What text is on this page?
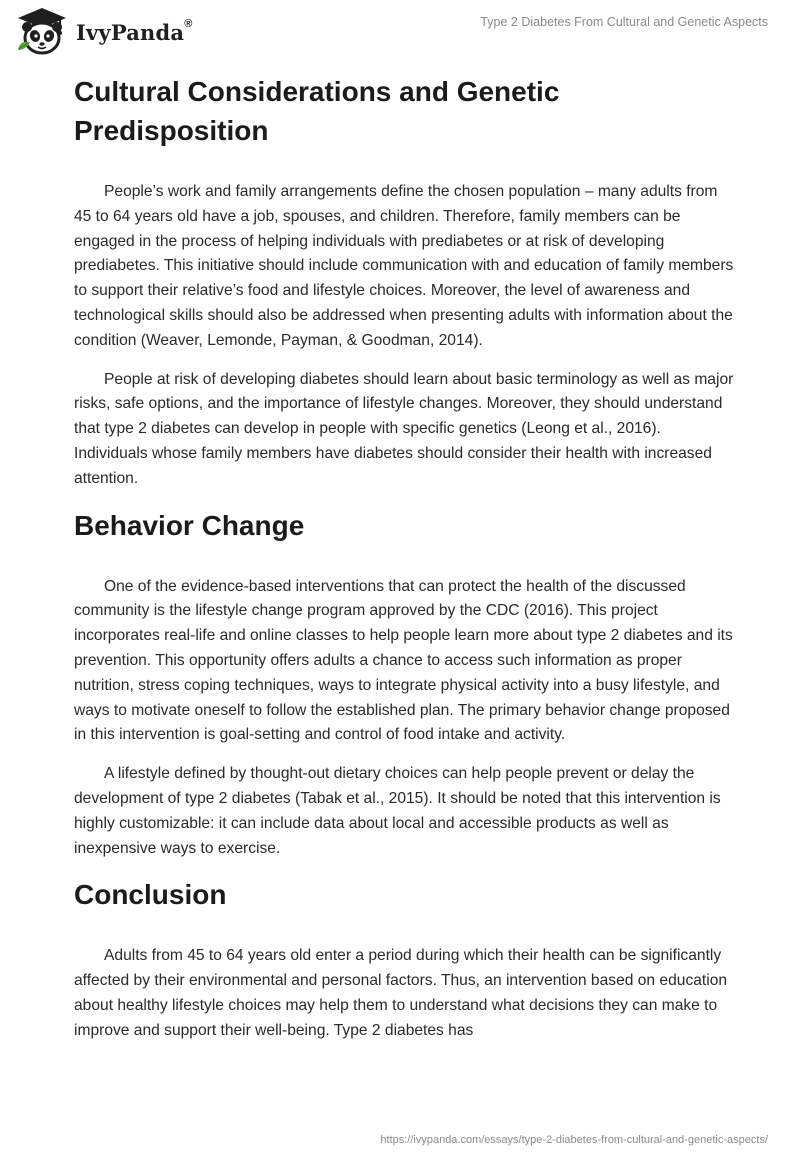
IvyPanda®	Type 2 Diabetes From Cultural and Genetic Aspects
Cultural Considerations and Genetic Predisposition

People’s work and family arrangements define the chosen population – many adults from 45 to 64 years old have a job, spouses, and children. Therefore, family members can be engaged in the process of helping individuals with prediabetes or at risk of developing prediabetes. This initiative should include communication with and education of family members to support their relative’s food and lifestyle choices. Moreover, the level of awareness and technological skills should also be addressed when presenting adults with information about the condition (Weaver, Lemonde, Payman, & Goodman, 2014).

People at risk of developing diabetes should learn about basic terminology as well as major risks, safe options, and the importance of lifestyle changes. Moreover, they should understand that type 2 diabetes can develop in people with specific genetics (Leong et al., 2016). Individuals whose family members have diabetes should consider their health with increased attention.

Behavior Change

One of the evidence-based interventions that can protect the health of the discussed community is the lifestyle change program approved by the CDC (2016). This project incorporates real-life and online classes to help people learn more about type 2 diabetes and its prevention. This opportunity offers adults a chance to access such information as proper nutrition, stress coping techniques, ways to integrate physical activity into a busy lifestyle, and ways to motivate oneself to follow the established plan. The primary behavior change proposed in this intervention is goal-setting and control of food intake and activity.

A lifestyle defined by thought-out dietary choices can help people prevent or delay the development of type 2 diabetes (Tabak et al., 2015). It should be noted that this intervention is highly customizable: it can include data about local and accessible products as well as inexpensive ways to exercise.

Conclusion

Adults from 45 to 64 years old enter a period during which their health can be significantly affected by their environmental and personal factors. Thus, an intervention based on education about healthy lifestyle choices may help them to understand what decisions they can make to improve and support their well-being. Type 2 diabetes has

https://ivypanda.com/essays/type-2-diabetes-from-cultural-and-genetic-aspects/
